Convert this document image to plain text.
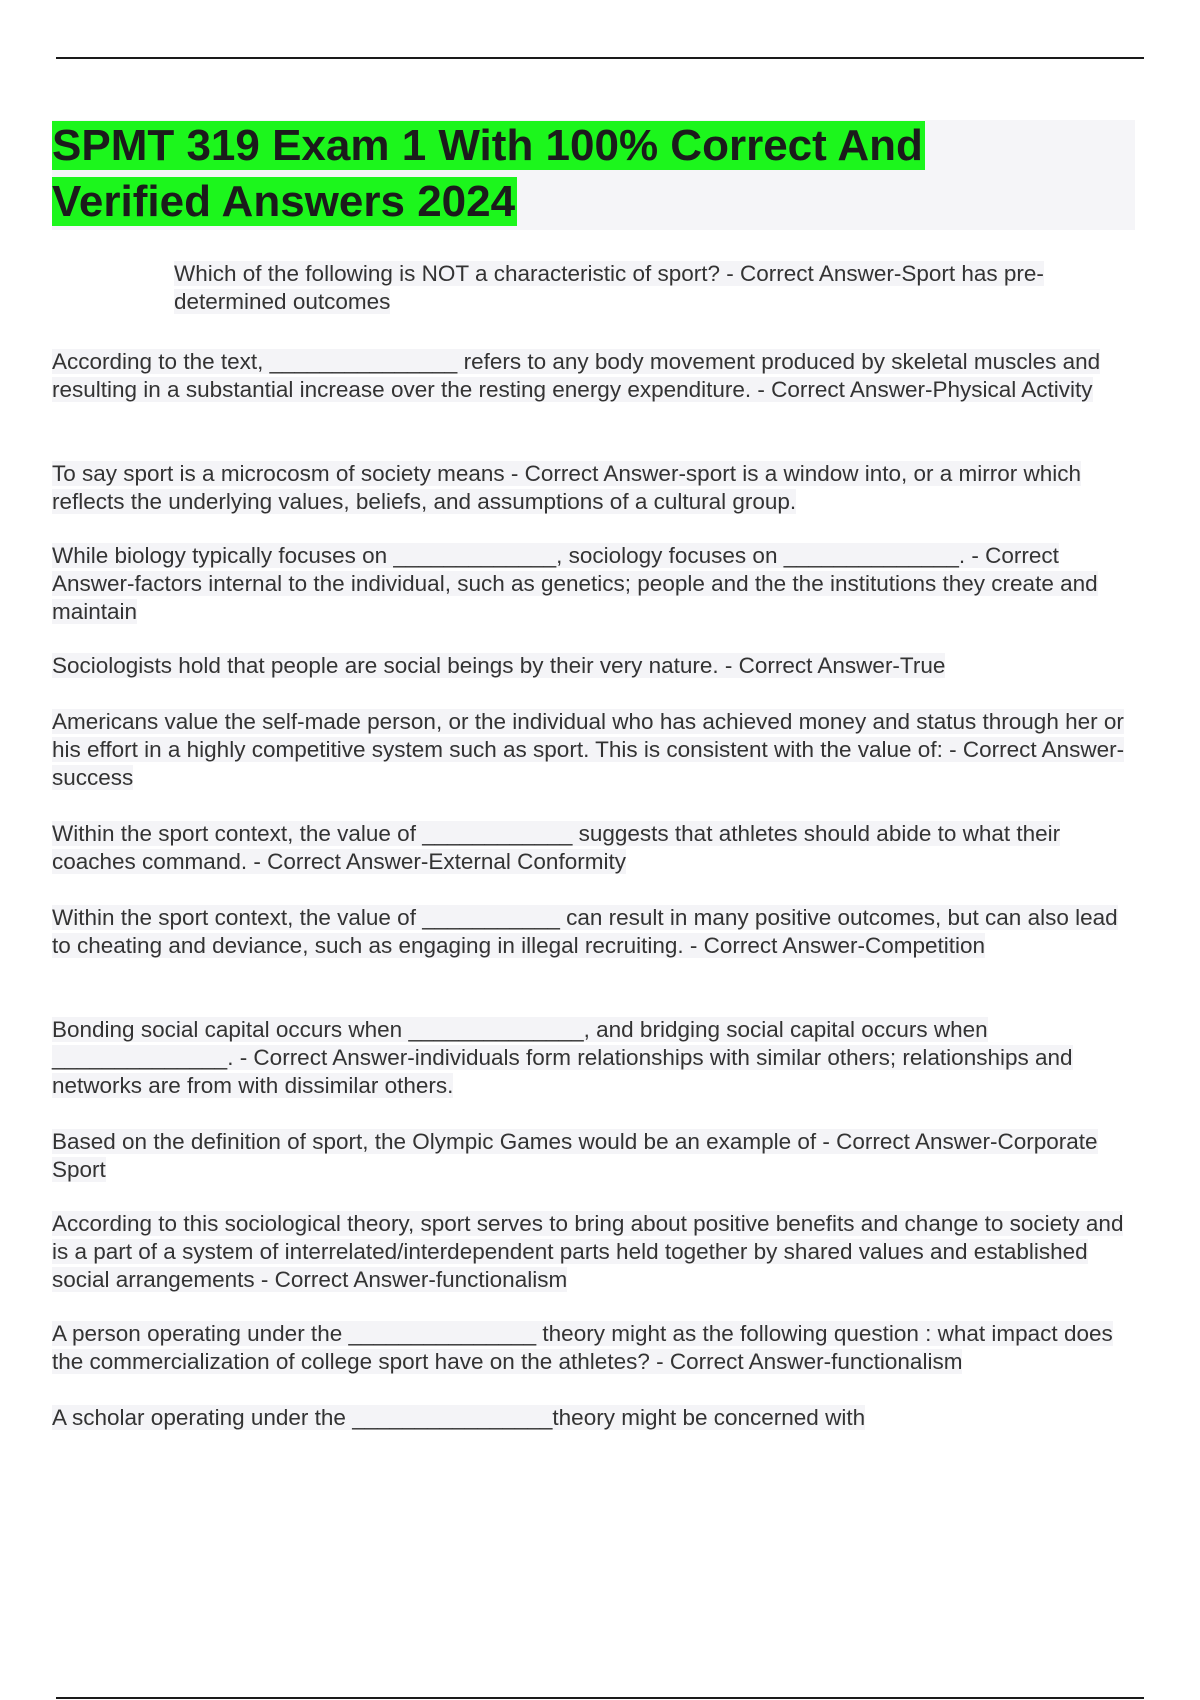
SPMT 319 Exam 1 With 100% Correct And Verified Answers 2024

Which of the following is NOT a characteristic of sport? - Correct Answer-Sport has pre-determined outcomes

According to the text, _______________ refers to any body movement produced by skeletal muscles and resulting in a substantial increase over the resting energy expenditure. - Correct Answer-Physical Activity

To say sport is a microcosm of society means - Correct Answer-sport is a window into, or a mirror which reflects the underlying values, beliefs, and assumptions of a cultural group.

While biology typically focuses on _____________, sociology focuses on ______________. - Correct Answer-factors internal to the individual, such as genetics; people and the the institutions they create and maintain

Sociologists hold that people are social beings by their very nature. - Correct Answer-True

Americans value the self-made person, or the individual who has achieved money and status through her or his effort in a highly competitive system such as sport. This is consistent with the value of: - Correct Answer-success

Within the sport context, the value of ____________ suggests that athletes should abide to what their coaches command. - Correct Answer-External Conformity

Within the sport context, the value of ___________ can result in many positive outcomes, but can also lead to cheating and deviance, such as engaging in illegal recruiting. - Correct Answer-Competition

Bonding social capital occurs when ______________, and bridging social capital occurs when ______________. - Correct Answer-individuals form relationships with similar others; relationships and networks are from with dissimilar others.

Based on the definition of sport, the Olympic Games would be an example of - Correct Answer-Corporate Sport

According to this sociological theory, sport serves to bring about positive benefits and change to society and is a part of a system of interrelated/interdependent parts held together by shared values and established social arrangements - Correct Answer-functionalism

A person operating under the _______________ theory might as the following question : what impact does the commercialization of college sport have on the athletes? - Correct Answer-functionalism

A scholar operating under the ________________theory might be concerned with
